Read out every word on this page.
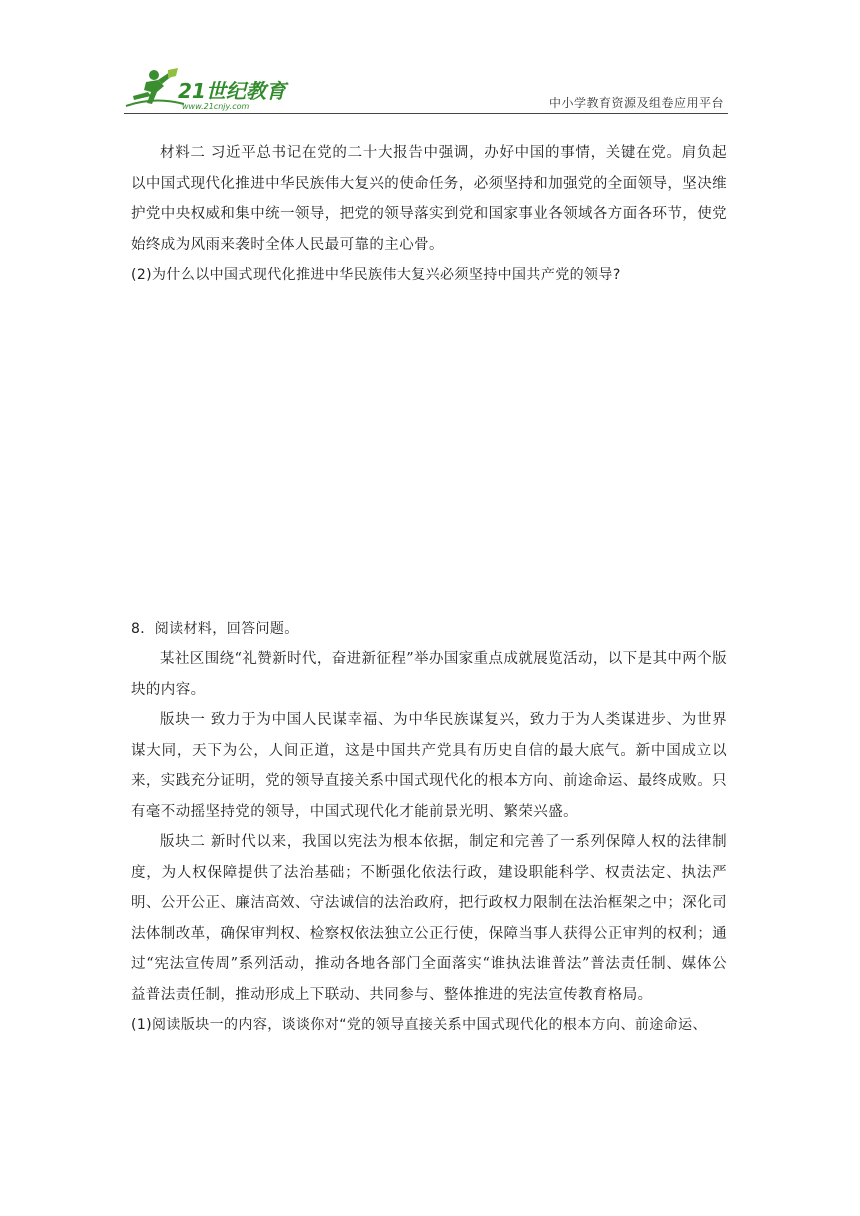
21世纪教育
www.21cnjy.com	中小学教育资源及组卷应用平台

材料二 习近平总书记在党的二十大报告中强调，办好中国的事情，关键在党。肩负起以中国式现代化推进中华民族伟大复兴的使命任务，必须坚持和加强党的全面领导，坚决维护党中央权威和集中统一领导，把党的领导落实到党和国家事业各领域各方面各环节，使党始终成为风雨来袭时全体人民最可靠的主心骨。

(2)为什么以中国式现代化推进中华民族伟大复兴必须坚持中国共产党的领导?

8．阅读材料，回答问题。

某社区围绕“礼赞新时代，奋进新征程”举办国家重点成就展览活动，以下是其中两个版块的内容。

版块一 致力于为中国人民谋幸福、为中华民族谋复兴，致力于为人类谋进步、为世界谋大同，天下为公，人间正道，这是中国共产党具有历史自信的最大底气。新中国成立以来，实践充分证明，党的领导直接关系中国式现代化的根本方向、前途命运、最终成败。只有毫不动摇坚持党的领导，中国式现代化才能前景光明、繁荣兴盛。

版块二 新时代以来，我国以宪法为根本依据，制定和完善了一系列保障人权的法律制度，为人权保障提供了法治基础；不断强化依法行政，建设职能科学、权责法定、执法严明、公开公正、廉洁高效、守法诚信的法治政府，把行政权力限制在法治框架之中；深化司法体制改革，确保审判权、检察权依法独立公正行使，保障当事人获得公正审判的权利；通过“宪法宣传周”系列活动，推动各地各部门全面落实“谁执法谁普法”普法责任制、媒体公益普法责任制，推动形成上下联动、共同参与、整体推进的宪法宣传教育格局。

(1)阅读版块一的内容，谈谈你对“党的领导直接关系中国式现代化的根本方向、前途命运、
